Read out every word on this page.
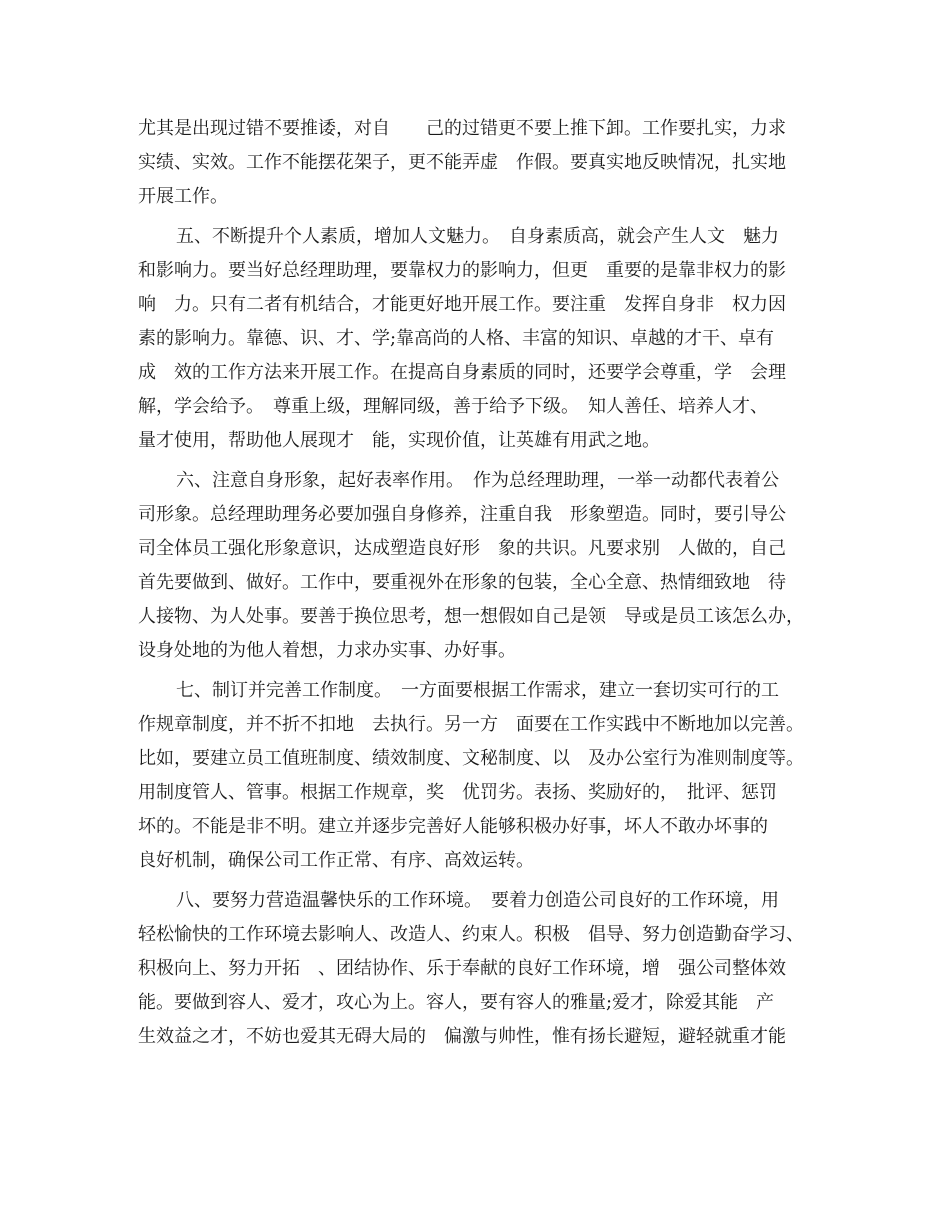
尤其是出现过错不要推诿，对自　　己的过错更不要上推下卸。工作要扎实，力求
实绩、实效。工作不能摆花架子，更不能弄虚　作假。要真实地反映情况，扎实地
开展工作。
五、不断提升个人素质，增加人文魅力。　自身素质高，就会产生人文　魅力
和影响力。要当好总经理助理，要靠权力的影响力，但更　重要的是靠非权力的影
响　力。只有二者有机结合，才能更好地开展工作。要注重　发挥自身非　权力因
素的影响力。靠德、识、才、学;靠高尚的人格、丰富的知识、卓越的才干、卓有
成　效的工作方法来开展工作。在提高自身素质的同时，还要学会尊重，学　会理
解，学会给予。　尊重上级，理解同级，善于给予下级。　知人善任、培养人才、
量才使用，帮助他人展现才　能，实现价值，让英雄有用武之地。
六、注意自身形象，起好表率作用。　作为总经理助理，一举一动都代表着公
司形象。总经理助理务必要加强自身修养，注重自我　形象塑造。同时，要引导公
司全体员工强化形象意识，达成塑造良好形　象的共识。凡要求别　人做的，自己
首先要做到、做好。工作中，要重视外在形象的包装，全心全意、热情细致地　待
人接物、为人处事。要善于换位思考，想一想假如自己是领　导或是员工该怎么办，
设身处地的为他人着想，力求办实事、办好事。
七、制订并完善工作制度。　一方面要根据工作需求，建立一套切实可行的工
作规章制度，并不折不扣地　去执行。另一方　面要在工作实践中不断地加以完善。
比如，要建立员工值班制度、绩效制度、文秘制度、以　及办公室行为准则制度等。
用制度管人、管事。根据工作规章，奖　优罚劣。表扬、奖励好的，　批评、惩罚
坏的。不能是非不明。建立并逐步完善好人能够积极办好事，坏人不敢办坏事的
良好机制，确保公司工作正常、有序、高效运转。
八、要努力营造温馨快乐的工作环境。　要着力创造公司良好的工作环境，用
轻松愉快的工作环境去影响人、改造人、约束人。积极　倡导、努力创造勤奋学习、
积极向上、努力开拓　、团结协作、乐于奉献的良好工作环境，增　强公司整体效
能。要做到容人、爱才，攻心为上。容人，要有容人的雅量;爱才，除爱其能　产
生效益之才，不妨也爱其无碍大局的　偏激与帅性，惟有扬长避短，避轻就重才能
